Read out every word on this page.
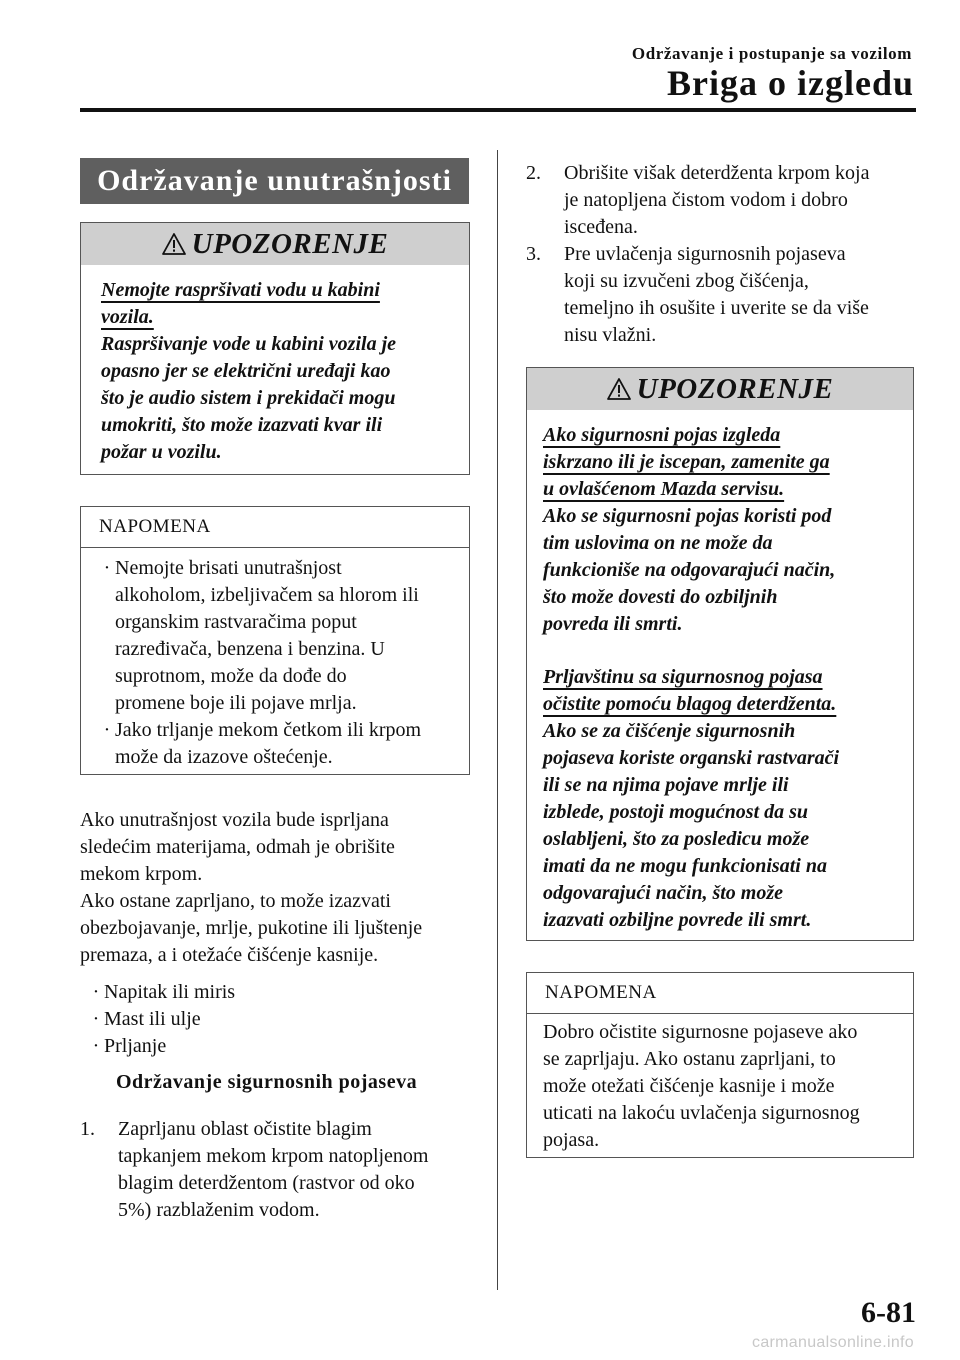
Održavanje i postupanje sa vozilom
Briga o izgledu
Održavanje unutrašnjosti
UPOZORENJE
Nemojte raspršivati vodu u kabini
vozila.
Raspršivanje vode u kabini vozila je
opasno jer se električni uređaji kao
što je audio sistem i prekidači mogu
umokriti, što može izazvati kvar ili
požar u vozilu.
NAPOMENA
· Nemojte brisati unutrašnjost
alkoholom, izbeljivačem sa hlorom ili
organskim rastvaračima poput
razređivača, benzena i benzina. U
suprotnom, može da dođe do
promene boje ili pojave mrlja.
· Jako trljanje mekom četkom ili krpom
može da izazove oštećenje.
Ako unutrašnjost vozila bude isprljana
sledećim materijama, odmah je obrišite
mekom krpom.
Ako ostane zaprljano, to može izazvati
obezbojavanje, mrlje, pukotine ili ljuštenje
premaza, a i otežaće čišćenje kasnije.
· Napitak ili miris
· Mast ili ulje
· Prljanje
Održavanje sigurnosnih pojaseva
1.	Zaprljanu oblast očistite blagim
tapkanjem mekom krpom natopljenom
blagim deterdžentom (rastvor od oko
5%) razblaženim vodom.
2.	Obrišite višak deterdženta krpom koja
je natopljena čistom vodom i dobro
iscеđena.
3.	Pre uvlačenja sigurnosnih pojaseva
koji su izvučeni zbog čišćenja,
temeljno ih osušite i uverite se da više
nisu vlažni.
UPOZORENJE
Ako sigurnosni pojas izgleda
iskrzano ili je iscepan, zamenite ga
u ovlašćenom Mazda servisu.
Ako se sigurnosni pojas koristi pod
tim uslovima on ne može da
funkcioniše na odgovarajući način,
što može dovesti do ozbiljnih
povreda ili smrti.
Prljavštinu sa sigurnosnog pojasa
očistite pomoću blagog deterdženta.
Ako se za čišćenje sigurnosnih
pojaseva koriste organski rastvarači
ili se na njima pojave mrlje ili
izblede, postoji mogućnost da su
oslabljeni, što za posledicu može
imati da ne mogu funkcionisati na
odgovarajući način, što može
izazvati ozbiljne povrede ili smrt.
NAPOMENA
Dobro očistite sigurnosne pojaseve ako
se zaprljaju. Ako ostanu zaprljani, to
može otežati čišćenje kasnije i može
uticati na lakoću uvlačenja sigurnosnog
pojasa.
6-81
carmanualsonline.info
